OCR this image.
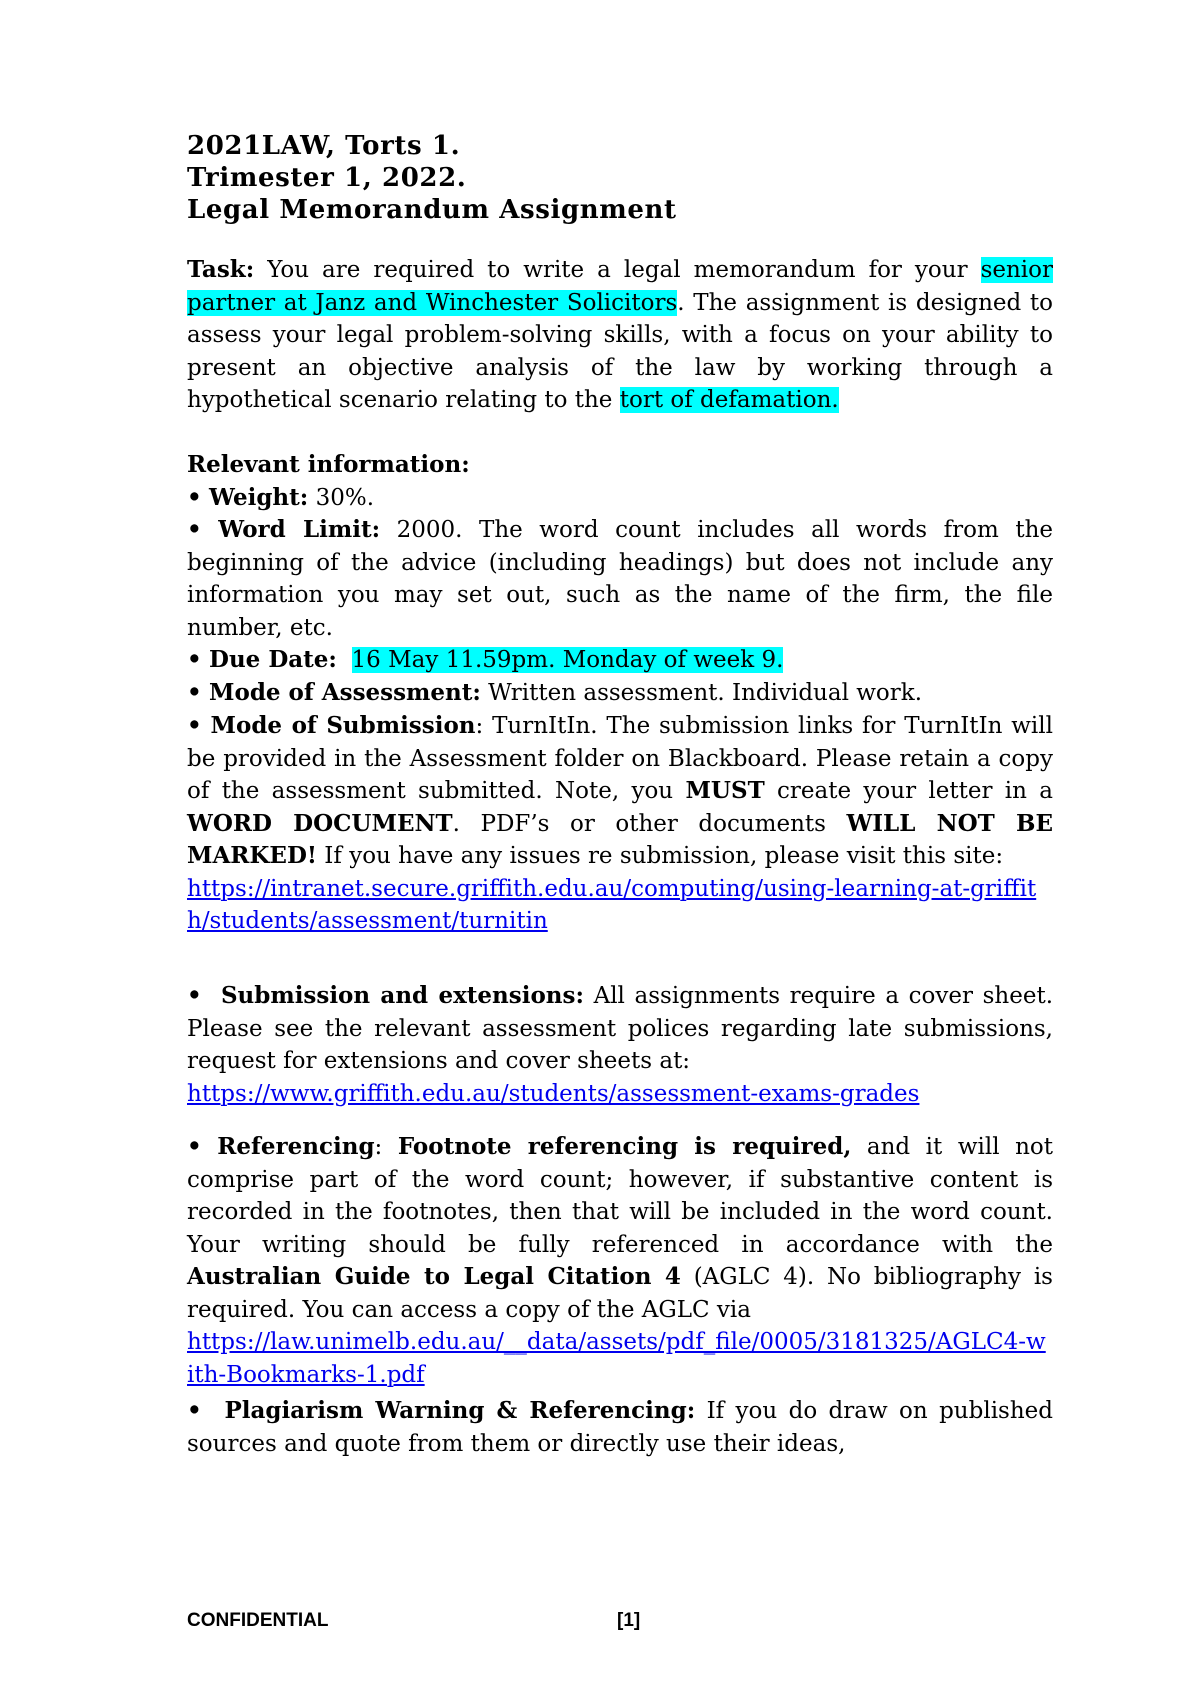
2021LAW, Torts 1.
Trimester 1, 2022.
Legal Memorandum Assignment
Task: You are required to write a legal memorandum for your senior partner at Janz and Winchester Solicitors. The assignment is designed to assess your legal problem-solving skills, with a focus on your ability to present an objective analysis of the law by working through a hypothetical scenario relating to the tort of defamation.
Relevant information:
• Weight: 30%.
• Word Limit: 2000. The word count includes all words from the beginning of the advice (including headings) but does not include any information you may set out, such as the name of the firm, the file number, etc.
• Due Date: 16 May 11.59pm. Monday of week 9.
• Mode of Assessment: Written assessment. Individual work.
• Mode of Submission: TurnItIn. The submission links for TurnItIn will be provided in the Assessment folder on Blackboard. Please retain a copy of the assessment submitted. Note, you MUST create your letter in a WORD DOCUMENT. PDF’s or other documents WILL NOT BE MARKED! If you have any issues re submission, please visit this site:
https://intranet.secure.griffith.edu.au/computing/using-learning-at-griffith/students/assessment/turnitin
• Submission and extensions: All assignments require a cover sheet. Please see the relevant assessment polices regarding late submissions, request for extensions and cover sheets at:
https://www.griffith.edu.au/students/assessment-exams-grades
• Referencing: Footnote referencing is required, and it will not comprise part of the word count; however, if substantive content is recorded in the footnotes, then that will be included in the word count. Your writing should be fully referenced in accordance with the Australian Guide to Legal Citation 4 (AGLC 4). No bibliography is required. You can access a copy of the AGLC via
https://law.unimelb.edu.au/__data/assets/pdf_file/0005/3181325/AGLC4-with-Bookmarks-1.pdf
• Plagiarism Warning & Referencing: If you do draw on published sources and quote from them or directly use their ideas,
CONFIDENTIAL	[1]
